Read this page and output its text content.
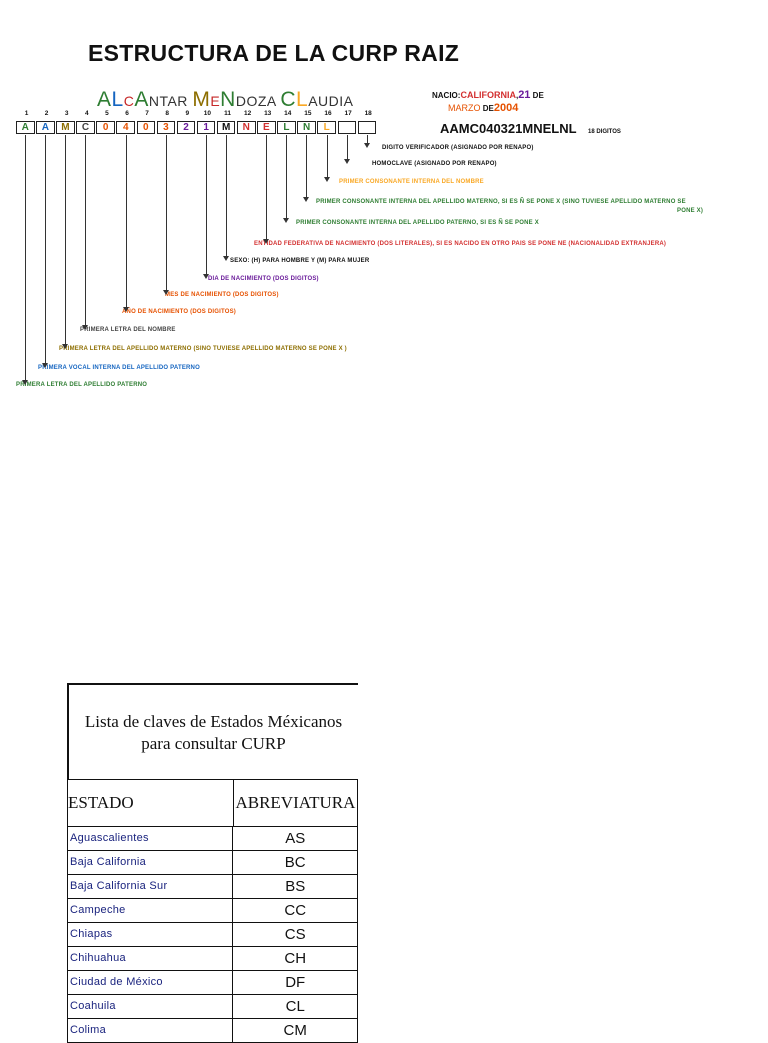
ESTRUCTURA DE LA CURP RAIZ
ALCANTAR MENDOZA CLAUDIA	NACIO:CALIFORNIA,21 DE
MARZO DE2004
AAMC040321MNELNL 18 DIGITOS
1	2	3	4	5	6	7	8	9	10	11	12	13	14	15	16	17	18
A	A	M	C	0	4	0	3	2	1	M	N	E	L	N	L
DIGITO VERIFICADOR (ASIGNADO POR RENAPO)
HOMOCLAVE (ASIGNADO POR RENAPO)
PRIMER CONSONANTE INTERNA DEL NOMBRE
PRIMER CONSONANTE INTERNA DEL APELLIDO MATERNO, SI ES Ñ SE PONE X (SINO TUVIESE APELLIDO MATERNO SE
PONE X)
PRIMER CONSONANTE INTERNA DEL APELLIDO PATERNO, SI ES Ñ SE PONE X
ENTIDAD FEDERATIVA DE NACIMIENTO (DOS LITERALES), SI ES NACIDO EN OTRO PAIS SE PONE NE (NACIONALIDAD EXTRANJERA)
SEXO: (H) PARA HOMBRE Y (M) PARA MUJER
DIA DE NACIMIENTO (DOS DIGITOS)
MES DE NACIMIENTO (DOS DIGITOS)
AÑO DE NACIMIENTO (DOS DIGITOS)
PRIMERA LETRA DEL NOMBRE
PRIMERA LETRA DEL APELLIDO MATERNO (SINO TUVIESE APELLIDO MATERNO SE PONE X )
PRIMERA VOCAL INTERNA DEL APELLIDO PATERNO
PRIMERA LETRA DEL APELLIDO PATERNO
Lista de claves de Estados Méxicanos
para consultar CURP
ESTADO	ABREVIATURA
Aguascalientes	AS
Baja California	BC
Baja California Sur	BS
Campeche	CC
Chiapas	CS
Chihuahua	CH
Ciudad de México	DF
Coahuila	CL
Colima	CM
